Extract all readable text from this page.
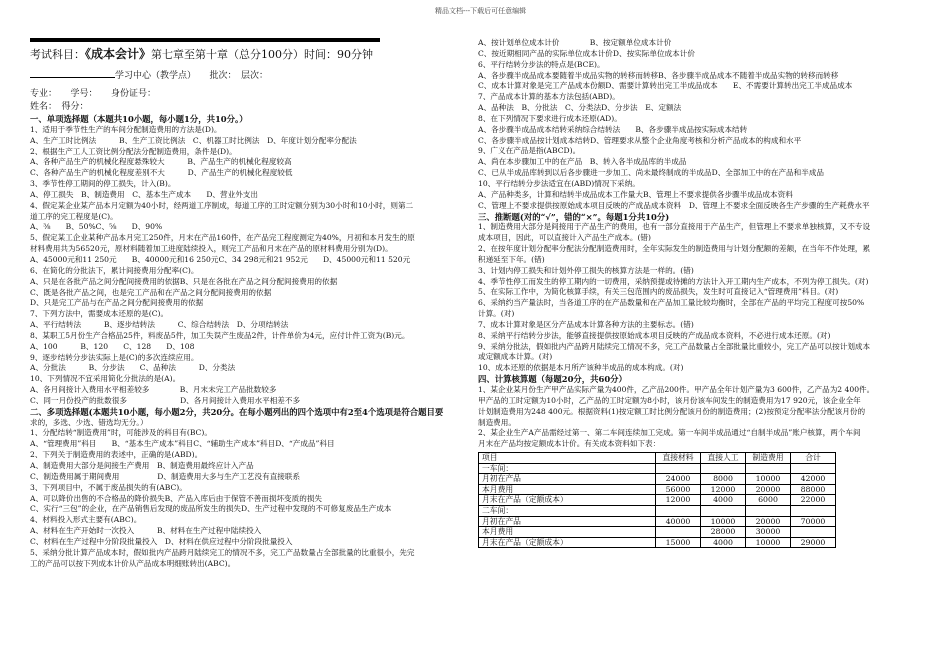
精品文档---下载后可任意编辑
考试科目：《成本会计》第七章至第十章（总分100分）时间：90分钟

学习中心（教学点）　　批次：　层次：

专业：　　学号：　　身份证号：

姓名：　得分：

一、单项选择题（本题共10小题，每小题1分，共10分。）

1、适用于季节性生产的车间分配制造费用的方法是(D)。

A、生产工时比例法　　　B、生产工资比例法　C、机器工时比例法　D、年度计划分配率分配法

2、根据生产工人工资比例分配法分配制造费用，条件是(D)。

A、各种产品生产的机械化程度悬殊较大　　　B、产品生产的机械化程度较高

C、各种产品生产的机械化程度差别不大　　　D、产品生产的机械化程度较低

3、季节性停工期间的停工损失，计入(B)。

A、停工损失　B、制造费用　C、基本生产成本　　D、营业外支出

4、假定某企业某产品本月定额为40小时，经两道工序制成，每道工序的工时定额分别为30小时和10小时，则第二

道工序的完工程度是(C)。

A、⅜　　B、50%C、⅝　　D、90%

5、假定某工企业某种产品本月完工250件，月末在产品160件，在产品完工程度测定为40%，月初和本月发生的原

材料费用共为56520元，原材料随着加工进度陆续投入，则完工产品和月末在产品的原材料费用分别为(D)。

A、45000元和11 250元　　B、40000元和16 250元C、34 298元和21 952元　　D、45000元和11 520元

6、在简化的分批法下，累计间接费用分配率(C)。

A、只是在各批产品之间分配间接费用的依据B、只是在各批在产品之间分配间接费用的依据

C、既是各批产品之间，也是完工产品和在产品之间分配间接费用的依据

D、只是完工产品与在产品之间分配间接费用的依据

7、下列方法中，需要成本还原的是(C)。

A、平行结转法　　　B、逐步结转法　　　C、综合结转法　D、分项结转法

8、某职工5月份生产合格品25件，料废品5件，加工失误产生废品2件，计件单价为4元，应付计件工资为(B)元。

A、100　　　B、120　　C、128　　D、108

9、逐步结转分步法实际上是(C)的多次连续应用。

A、分批法　　　B、分步法　　C、品种法　　　D、分类法

10、下列情况不宜采用简化分批法的是(A)。

A、各月间接计入费用水平相差较多　　　　B、月末未完工产品批数较多

C、同一月份投产的批数很多　　　　　　　D、各月间接计入费用水平相差不多

二、多项选择题(本题共10小题，每小题2分，共20分。在每小题列出的四个选项中有2至4个选项是符合题目要

求的，多选、少选、错选均无分。）

1、分配结转“制造费用”时，可能涉及的科目有(BC)。

A、“管理费用”科目　　B、“基本生产成本”科目C、“辅助生产成本”科目D、“产成品”科目

2、下列关于制造费用的表述中，正确的是(ABD)。

A、制造费用大部分是间接生产费用　B、制造费用最终应计入产品

C、制造费用属于期间费用　　　　　D、制造费用大多与生产工艺没有直接联系

3、下列项目中，不属于废品损失的有(ABC)。

A、可以降价出售的不合格品的降价损失B、产品入库后由于保管不善而损坏变质的损失

C、实行“三包”的企业，在产品销售后发现的废品所发生的损失D、生产过程中发现的不可修复废品生产成本

4、材料投入形式主要有(ABC)。

A、材料在生产开始时一次投入　　　B、材料在生产过程中陆续投入

C、材料在生产过程中分阶段批量投入　D、材料在供应过程中分阶段批量投入

5、采纳分批计算产品成本时，假如批内产品跨月陆续完工的情况不多，完工产品数量占全部批量的比重很小，先完

工的产品可以按下列成本计价从产品成本明细账转出(ABC)。

A、按计划单位成本计价　　　　B、按定额单位成本计价

C、按近期相同产品的实际单位成本计价D、按实际单位成本计价

6、平行结转分步法的特点是(BCE)。

A、各步骤半成品成本要随着半成品实物的转移而转移B、各步骤半成品成本不随着半成品实物的转移而转移

C、成本计算对象是完工产品成本份额D、需要计算转出完工半成品成本　　E、不需要计算转出完工半成品成本

7、产品成本计算的基本方法包括(ABD)。

A、品种法　B、分批法　C、分类法D、分步法　E、定额法

8、在下列情况下要求进行成本还原(AD)。

A、各步骤半成品成本结转采纳综合结转法　　B、各步骤半成品按实际成本结转

C、各步骤半成品按计划成本结转D、管理要求从整个企业角度考核和分析产品成本的构成和水平

9、广义在产品是指(ABCD)。

A、尚在本步骤加工中的在产品　B、转入各半成品库的半成品

C、已从半成品库转到以后各步骤进一步加工、尚未最终制成的半成品D、全部加工中的在产品和半成品

10、平行结转分步法适宜在(ABD)情况下采纳。

A、产品种类多，计算和结转半成品成本工作量大B、管理上不要求提供各步骤半成品成本资料

C、管理上不要求提供按原始成本项目反映的产成品成本资料　D、管理上不要求全面反映各生产步骤的生产耗费水平

三、推断题(对的“√”，错的“×”。每题1分共10分)

1、制造费用大部分是间接用于产品生产的费用，也有一部分直接用于产品生产，但管理上不要求单独核算，又不专设

成本项目，因此，可以直接计入产品生产成本。(错)

2、在按年度计划分配率分配法分配制造费用时，全年实际发生的制造费用与计划分配额的差额，在当年不作处理，累

积递延至下年。(错)

3、计划内停工损失和计划外停工损失的核算方法是一样的。(错)

4、季节性停工而发生的停工期内的一切费用，采纳预提或待摊的方法计入开工期内生产成本，不列为停工损失。(对)

5、在实际工作中，为简化核算手续，有关三包范围内的废品损失，发生时可直接记入“管理费用”科目。(对)

6、采纳约当产量法时，当各道工序的在产品数量和在产品加工量比较均衡时，全部在产品的平均完工程度可按50%

计算。(对)

7、成本计算对象是区分产品成本计算各种方法的主要标志。(错)

8、采纳平行结转分步法，能够直接提供按原始成本项目反映的产成品成本资料，不必进行成本还原。(对)

9、采纳分批法，假如批内产品跨月陆续完工情况不多，完工产品数量占全部批量比重较小，完工产品可以按计划成本

或定额成本计算。(对)

10、成本还原的依据是本月所产该种半成品的成本构成。(对)

四、计算核算题（每题20分，共60分）

1、某企业某月份生产甲产品实际产量为400件，乙产品200件。甲产品全年计划产量为3 600件，乙产品为2 400件。

甲产品的工时定额为10小时，乙产品的工时定额为8小时，该月份该车间发生的制造费用为17 920元，该企业全年

计划制造费用为248 400元。根据资料(1)按定额工时比例分配该月份的制造费用；(2)按预定分配率法分配该月份的

制造费用。

2、某企业生产A产品需经过第一、第二车间连续加工完成。第一车间半成品通过“自制半成品”账户核算，两个车间

月末在产品均按定额成本计价。有关成本资料如下表：

项目	直接材料	直接人工	制造费用	合计
一车间：				
月初在产品	24000	8000	10000	42000
本月费用	56000	12000	20000	88000
月末在产品（定额成本）	12000	4000	6000	22000
二车间：				
月初在产品	40000	10000	20000	70000
本月费用		28000	30000	
月末在产品（定额成本）	15000	4000	10000	29000
